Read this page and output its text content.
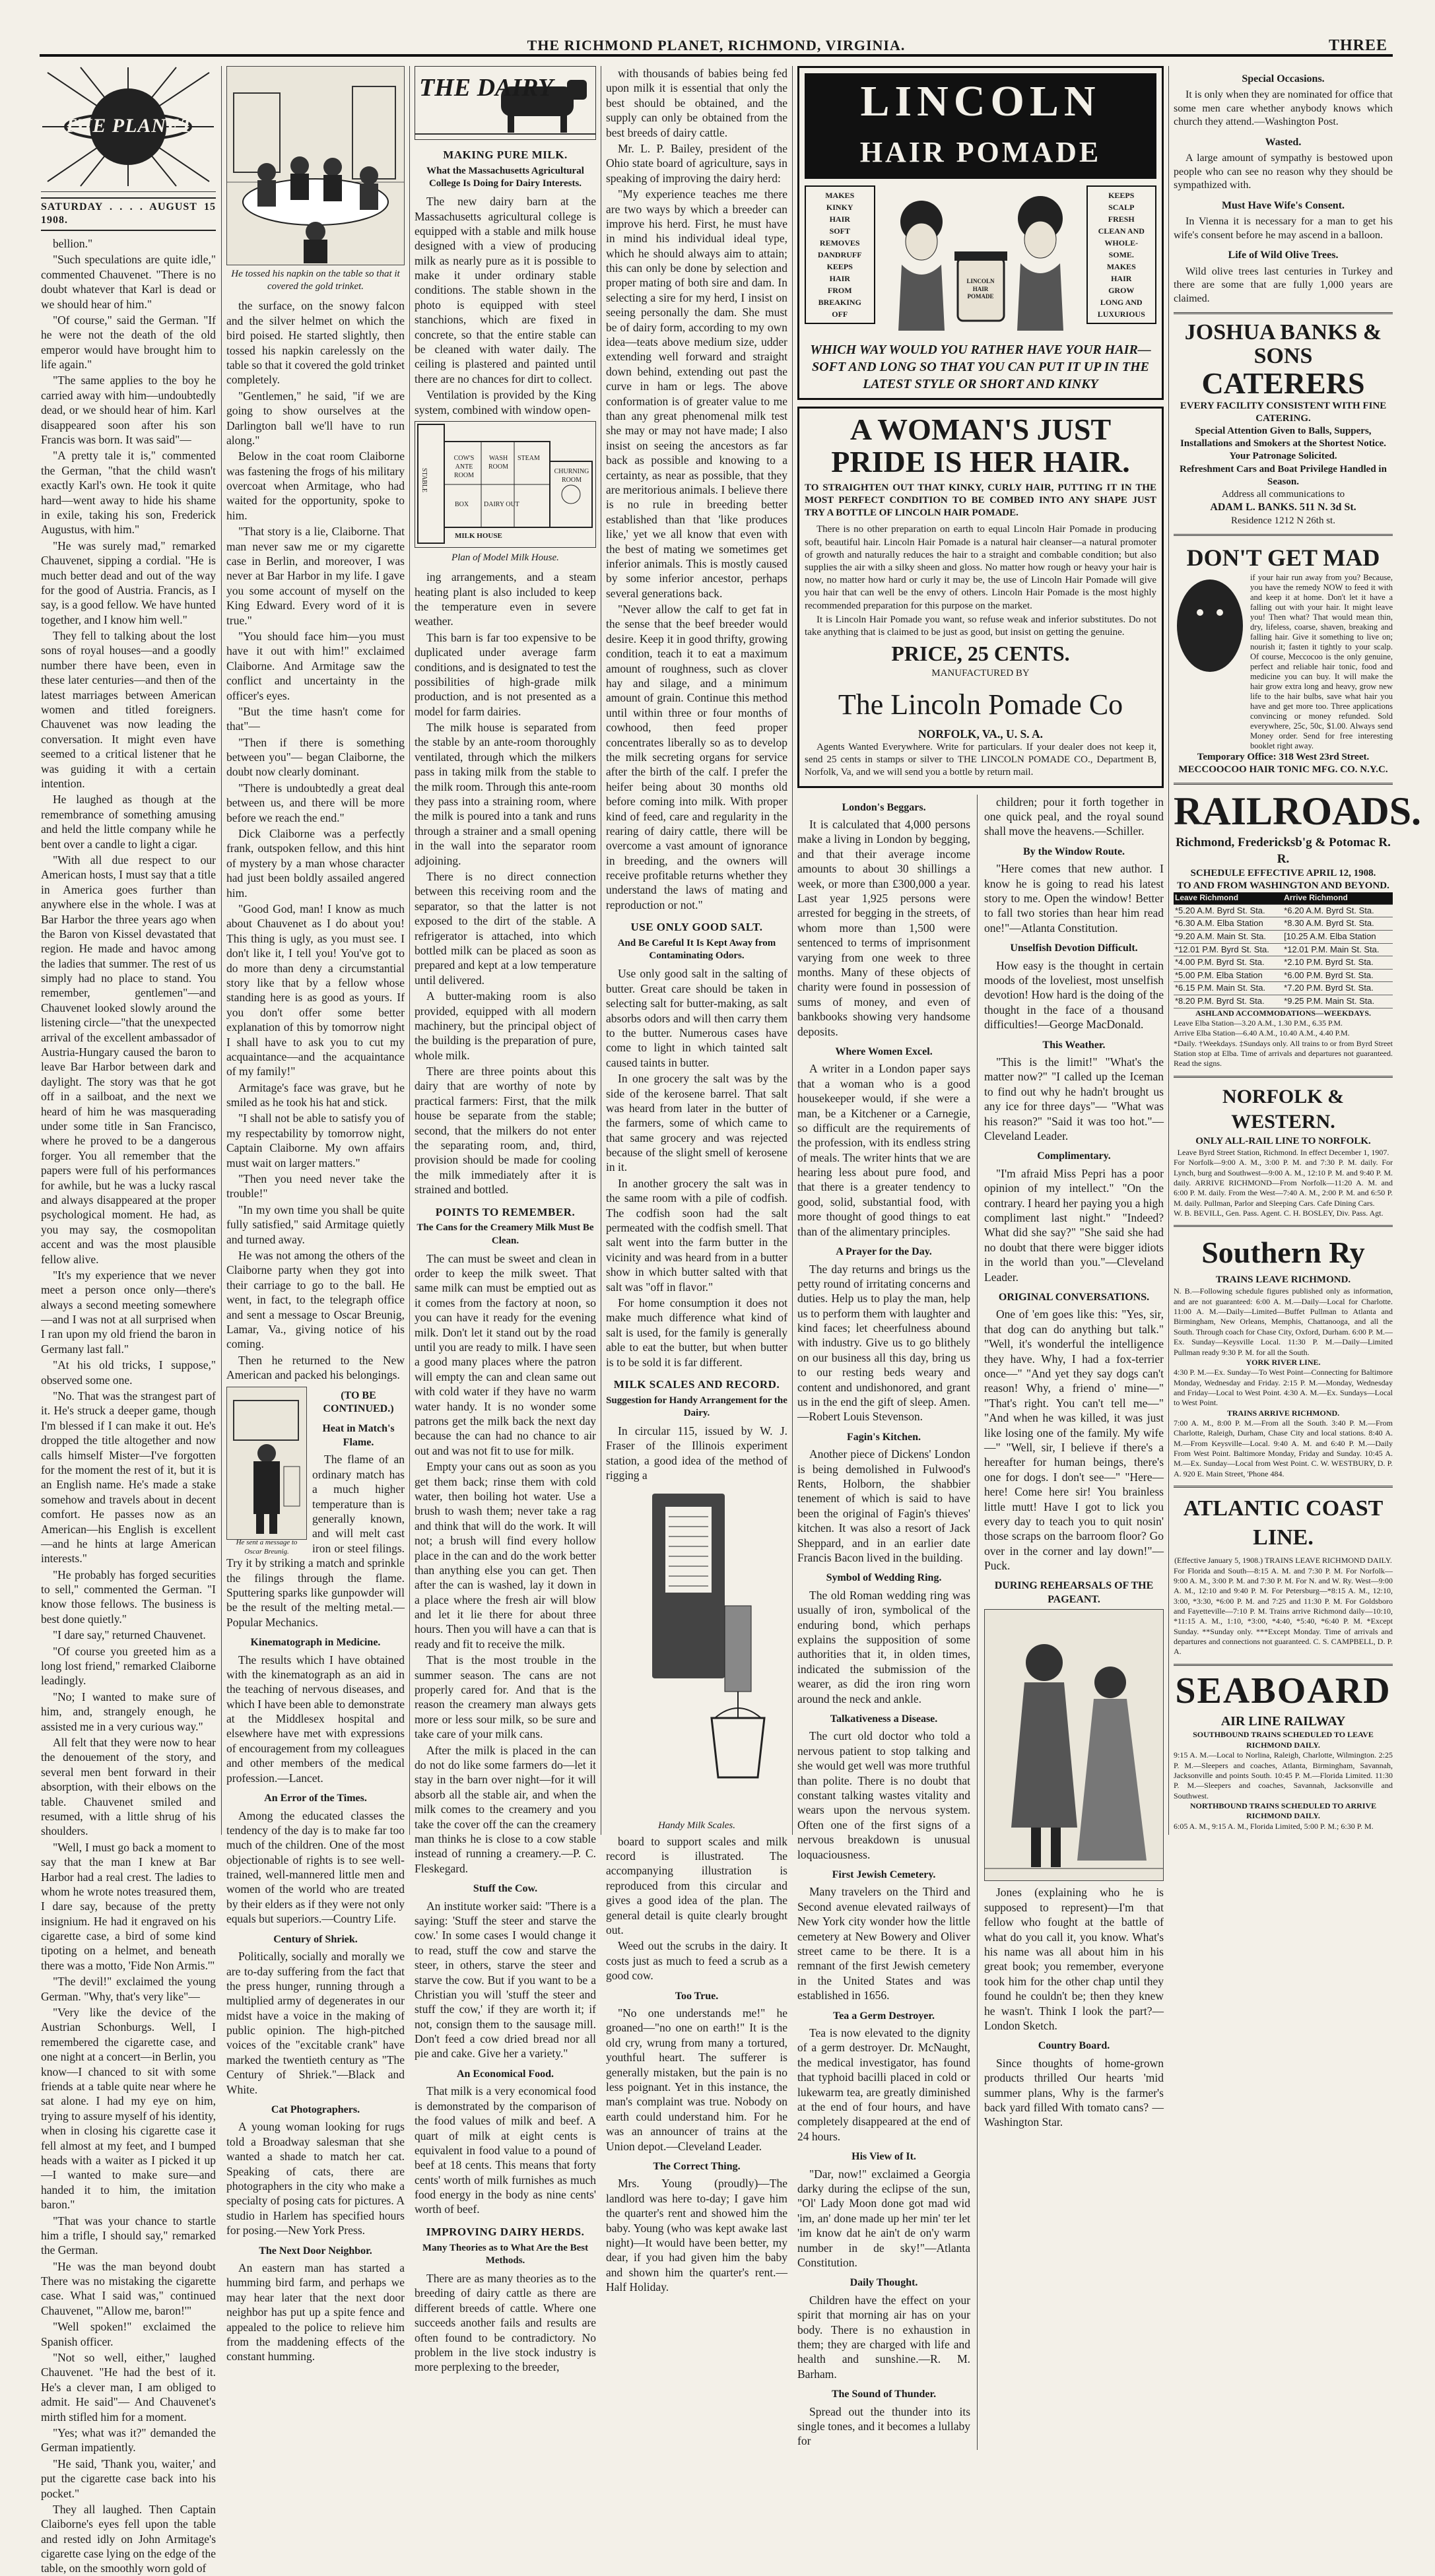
THE RICHMOND PLANET, RICHMOND, VIRGINIA.	THREE
THE PLANET
SATURDAY . . . . AUGUST 15 1908.

bellion."

"Such speculations are quite idle," commented Chauvenet. "There is no doubt whatever that Karl is dead or we should hear of him."

"Of course," said the German. "If he were not the death of the old emperor would have brought him to life again."

"The same applies to the boy he carried away with him—undoubtedly dead, or we should hear of him. Karl disappeared soon after his son Francis was born. It was said"—

"A pretty tale it is," commented the German, "that the child wasn't exactly Karl's own. He took it quite hard—went away to hide his shame in exile, taking his son, Frederick Augustus, with him."

"He was surely mad," remarked Chauvenet, sipping a cordial. "He is much better dead and out of the way for the good of Austria. Francis, as I say, is a good fellow. We have hunted together, and I know him well."

They fell to talking about the lost sons of royal houses—and a goodly number there have been, even in these later centuries—and then of the latest marriages between American women and titled foreigners. Chauvenet was now leading the conversation. It might even have seemed to a critical listener that he was guiding it with a certain intention.

He laughed as though at the remembrance of something amusing and held the little company while he bent over a candle to light a cigar.

"With all due respect to our American hosts, I must say that a title in America goes further than anywhere else in the whole. I was at Bar Harbor the three years ago when the Baron von Kissel devastated that region. He made and havoc among the ladies that summer. The rest of us simply had no place to stand. You remember, gentlemen"—and Chauvenet looked slowly around the listening circle—"that the unexpected arrival of the excellent ambassador of Austria-Hungary caused the baron to leave Bar Harbor between dark and daylight. The story was that he got off in a sailboat, and the next we heard of him he was masquerading under some title in San Francisco, where he proved to be a dangerous forger. You all remember that the papers were full of his performances for awhile, but he was a lucky rascal and always disappeared at the proper psychological moment. He had, as you may say, the cosmopolitan accent and was the most plausible fellow alive.

"It's my experience that we never meet a person once only—there's always a second meeting somewhere—and I was not at all surprised when I ran upon my old friend the baron in Germany last fall."

"At his old tricks, I suppose," observed some one.

"No. That was the strangest part of it. He's struck a deeper game, though I'm blessed if I can make it out. He's dropped the title altogether and now calls himself Mister—I've forgotten for the moment the rest of it, but it is an English name. He's made a stake somehow and travels about in decent comfort. He passes now as an American—his English is excellent—and he hints at large American interests."

"He probably has forged securities to sell," commented the German. "I know those fellows. The business is best done quietly."

"I dare say," returned Chauvenet.

"Of course you greeted him as a long lost friend," remarked Claiborne leadingly.

"No; I wanted to make sure of him, and, strangely enough, he assisted me in a very curious way."

All felt that they were now to hear the denouement of the story, and several men bent forward in their absorption, with their elbows on the table. Chauvenet smiled and resumed, with a little shrug of his shoulders.

"Well, I must go back a moment to say that the man I knew at Bar Harbor had a real crest. The ladies to whom he wrote notes treasured them, I dare say, because of the pretty insignium. He had it engraved on his cigarette case, a bird of some kind tipoting on a helmet, and beneath there was a motto, 'Fide Non Armis.'"

"The devil!" exclaimed the young German. "Why, that's very like"—

"Very like the device of the Austrian Schonburgs. Well, I remembered the cigarette case, and one night at a concert—in Berlin, you know—I chanced to sit with some friends at a table quite near where he sat alone. I had my eye on him, trying to assure myself of his identity, when in closing his cigarette case it fell almost at my feet, and I bumped heads with a waiter as I picked it up—I wanted to make sure—and handed it to him, the imitation baron."

"That was your chance to startle him a trifle, I should say," remarked the German.

"He was the man beyond doubt There was no mistaking the cigarette case. What I said was," continued Chauvenet, "'Allow me, baron!'"

"Well spoken!" exclaimed the Spanish officer.

"Not so well, either," laughed Chauvenet. "He had the best of it. He's a clever man, I am obliged to admit. He said"— And Chauvenet's mirth stifled him for a moment.

"Yes; what was it?" demanded the German impatiently.

"He said, 'Thank you, waiter,' and put the cigarette case back into his pocket."

They all laughed. Then Captain Claiborne's eyes fell upon the table and rested idly on John Armitage's cigarette case lying on the edge of the table, on the smoothly worn gold of

He tossed his napkin on the table so that it covered the gold trinket.

the surface, on the snowy falcon and the silver helmet on which the bird poised. He started slightly, then tossed his napkin carelessly on the table so that it covered the gold trinket completely.

"Gentlemen," he said, "if we are going to show ourselves at the Darlington ball we'll have to run along."

Below in the coat room Claiborne was fastening the frogs of his military overcoat when Armitage, who had waited for the opportunity, spoke to him.

"That story is a lie, Claiborne. That man never saw me or my cigarette case in Berlin, and moreover, I was never at Bar Harbor in my life. I gave you some account of myself on the King Edward. Every word of it is true."

"You should face him—you must have it out with him!" exclaimed Claiborne. And Armitage saw the conflict and uncertainty in the officer's eyes.

"But the time hasn't come for that"—

"Then if there is something between you"— began Claiborne, the doubt now clearly dominant.

"There is undoubtedly a great deal between us, and there will be more before we reach the end."

Dick Claiborne was a perfectly frank, outspoken fellow, and this hint of mystery by a man whose character had just been boldly assailed angered him.

"Good God, man! I know as much about Chauvenet as I do about you! This thing is ugly, as you must see. I don't like it, I tell you! You've got to do more than deny a circumstantial story like that by a fellow whose standing here is as good as yours. If you don't offer some better explanation of this by tomorrow night I shall have to ask you to cut my acquaintance—and the acquaintance of my family!"

Armitage's face was grave, but he smiled as he took his hat and stick.

"I shall not be able to satisfy you of my respectability by tomorrow night, Captain Claiborne. My own affairs must wait on larger matters."

"Then you need never take the trouble!"

"In my own time you shall be quite fully satisfied," said Armitage quietly and turned away.

He was not among the others of the Claiborne party when they got into their carriage to go to the ball. He went, in fact, to the telegraph office and sent a message to Oscar Breunig, Lamar, Va., giving notice of his coming.

Then he returned to the New American and packed his belongings.

He sent a message to Oscar Breunig.
(TO BE CONTINUED.)
Heat in Match's Flame.

The flame of an ordinary match has a much higher temperature than is generally known, and will melt cast iron or steel filings. Try it by striking a match and sprinkle the filings through the flame. Sputtering sparks like gunpowder will be the result of the melting metal.—Popular Mechanics.

Kinematograph in Medicine.

The results which I have obtained with the kinematograph as an aid in the teaching of nervous diseases, and which I have been able to demonstrate at the Middlesex hospital and elsewhere have met with expressions of encouragement from my colleagues and other members of the medical profession.—Lancet.

An Error of the Times.

Among the educated classes the tendency of the day is to make far too much of the children. One of the most objectionable of rights is to see well-trained, well-mannered little men and women of the world who are treated by their elders as if they were not only equals but superiors.—Country Life.

Century of Shriek.

Politically, socially and morally we are to-day suffering from the fact that the press hunger, running through a multiplied army of degenerates in our midst have a voice in the making of public opinion. The high-pitched voices of the "excitable crank" have marked the twentieth century as "The Century of Shriek."—Black and White.

Cat Photographers.

A young woman looking for rugs told a Broadway salesman that she wanted a shade to match her cat. Speaking of cats, there are photographers in the city who make a specialty of posing cats for pictures. A studio in Harlem has specified hours for posing.—New York Press.

The Next Door Neighbor.

An eastern man has started a humming bird farm, and perhaps we may hear later that the next door neighbor has put up a spite fence and appealed to the police to relieve him from the maddening effects of the constant humming.

THE DAIRY
MAKING PURE MILK.
What the Massachusetts Agricultural College Is Doing for Dairy Interests.

The new dairy barn at the Massachusetts agricultural college is equipped with a stable and milk house designed with a view of producing milk as nearly pure as it is possible to make it under ordinary stable conditions. The stable shown in the photo is equipped with steel stanchions, which are fixed in concrete, so that the entire stable can be cleaned with water daily. The ceiling is plastered and painted until there are no chances for dirt to collect.

Ventilation is provided by the King system, combined with window open-

STABLE
COW'S ANTE ROOM
WASH ROOM
CHURNING ROOM
STEAM
DAIRY OUT
BOX
MILK HOUSE
Plan of Model Milk House.

ing arrangements, and a steam heating plant is also included to keep the temperature even in severe weather.

This barn is far too expensive to be duplicated under average farm conditions, and is designated to test the possibilities of high-grade milk production, and is not presented as a model for farm dairies.

The milk house is separated from the stable by an ante-room thoroughly ventilated, through which the milkers pass in taking milk from the stable to the milk room. Through this ante-room they pass into a straining room, where the milk is poured into a tank and runs through a strainer and a small opening in the wall into the separator room adjoining.

There is no direct connection between this receiving room and the separator, so that the latter is not exposed to the dirt of the stable. A refrigerator is attached, into which bottled milk can be placed as soon as prepared and kept at a low temperature until delivered.

A butter-making room is also provided, equipped with all modern machinery, but the principal object of the building is the preparation of pure, whole milk.

There are three points about this dairy that are worthy of note by practical farmers: First, that the milk house be separate from the stable; second, that the milkers do not enter the separating room, and, third, provision should be made for cooling the milk immediately after it is strained and bottled.

POINTS TO REMEMBER.
The Cans for the Creamery Milk Must Be Clean.

The can must be sweet and clean in order to keep the milk sweet. That same milk can must be emptied out as it comes from the factory at noon, so you can have it ready for the evening milk. Don't let it stand out by the road until you are ready to milk. I have seen a good many places where the patron will empty the can and clean same out with cold water if they have no warm water handy. It is no wonder some patrons get the milk back the next day because the can had no chance to air out and was not fit to use for milk.

Empty your cans out as soon as you get them back; rinse them with cold water, then boiling hot water. Use a brush to wash them; never take a rag and think that will do the work. It will not; a brush will find every hollow place in the can and do the work better than anything else you can get. Then after the can is washed, lay it down in a place where the fresh air will blow and let it lie there for about three hours. Then you will have a can that is ready and fit to receive the milk.

That is the most trouble in the summer season. The cans are not properly cared for. And that is the reason the creamery man always gets more or less sour milk, so be sure and take care of your milk cans.

After the milk is placed in the can do not do like some farmers do—let it stay in the barn over night—for it will absorb all the stable air, and when the milk comes to the creamery and you take the cover off the can the creamery man thinks he is close to a cow stable instead of running a creamery.—P. C. Fleskegard.

Stuff the Cow.

An institute worker said: "There is a saying: 'Stuff the steer and starve the cow.' In some cases I would change it to read, stuff the cow and starve the steer, in others, starve the steer and starve the cow. But if you want to be a Christian you will 'stuff the steer and stuff the cow,' if they are worth it; if not, consign them to the sausage mill. Don't feed a cow dried bread nor all pie and cake. Give her a variety."

An Economical Food.

That milk is a very economical food is demonstrated by the comparison of the food values of milk and beef. A quart of milk at eight cents is equivalent in food value to a pound of beef at 18 cents. This means that forty cents' worth of milk furnishes as much food energy in the body as nine cents' worth of beef.

IMPROVING DAIRY HERDS.
Many Theories as to What Are the Best Methods.

There are as many theories as to the breeding of dairy cattle as there are different breeds of cattle. Where one succeeds another fails and results are often found to be contradictory. No problem in the live stock industry is more perplexing to the breeder,

with thousands of babies being fed upon milk it is essential that only the best should be obtained, and the supply can only be obtained from the best breeds of dairy cattle.

Mr. L. P. Bailey, president of the Ohio state board of agriculture, says in speaking of improving the dairy herd:

"My experience teaches me there are two ways by which a breeder can improve his herd. First, he must have in mind his individual ideal type, which he should always aim to attain; this can only be done by selection and proper mating of both sire and dam. In selecting a sire for my herd, I insist on seeing personally the dam. She must be of dairy form, according to my own idea—teats above medium size, udder extending well forward and straight down behind, extending out past the curve in ham or legs. The above conformation is of greater value to me than any great phenomenal milk test she may or may not have made; I also insist on seeing the ancestors as far back as possible and knowing to a certainty, as near as possible, that they are meritorious animals. I believe there is no rule in breeding better established than that 'like produces like,' yet we all know that even with the best of mating we sometimes get inferior animals. This is mostly caused by some inferior ancestor, perhaps several generations back.

"Never allow the calf to get fat in the sense that the beef breeder would desire. Keep it in good thrifty, growing condition, teach it to eat a maximum amount of roughness, such as clover hay and silage, and a minimum amount of grain. Continue this method until within three or four months of cowhood, then feed proper concentrates liberally so as to develop the milk secreting organs for service after the birth of the calf. I prefer the heifer being about 30 months old before coming into milk. With proper kind of feed, care and regularity in the rearing of dairy cattle, there will be overcome a vast amount of ignorance in breeding, and the owners will receive profitable returns whether they understand the laws of mating and reproduction or not."

USE ONLY GOOD SALT.
And Be Careful It Is Kept Away from Contaminating Odors.

Use only good salt in the salting of butter. Great care should be taken in selecting salt for butter-making, as salt absorbs odors and will then carry them to the butter. Numerous cases have come to light in which tainted salt caused taints in butter.

In one grocery the salt was by the side of the kerosene barrel. That salt was heard from later in the butter of the farmers, some of which came to that same grocery and was rejected because of the slight smell of kerosene in it.

In another grocery the salt was in the same room with a pile of codfish. The codfish soon had the salt permeated with the codfish smell. That salt went into the farm butter in the vicinity and was heard from in a butter show in which butter salted with that salt was "off in flavor."

For home consumption it does not make much difference what kind of salt is used, for the family is generally able to eat the butter, but when butter is to be sold it is far different.

MILK SCALES AND RECORD.
Suggestion for Handy Arrangement for the Dairy.

In circular 115, issued by W. J. Fraser of the Illinois experiment station, a good idea of the method of rigging a

Handy Milk Scales.

board to support scales and milk record is illustrated. The accompanying illustration is reproduced from this circular and gives a good idea of the plan. The general detail is quite clearly brought out.

Weed out the scrubs in the dairy. It costs just as much to feed a scrub as a good cow.

Too True.

"No one understands me!" he groaned—"no one on earth!" It is the old cry, wrung from many a tortured, youthful heart. The sufferer is generally mistaken, but the pain is no less poignant. Yet in this instance, the man's complaint was true. Nobody on earth could understand him. For he was an announcer of trains at the Union depot.—Cleveland Leader.

The Correct Thing.

Mrs. Young (proudly)—The landlord was here to-day; I gave him the quarter's rent and showed him the baby. Young (who was kept awake last night)—It would have been better, my dear, if you had given him the baby and shown him the quarter's rent.—Half Holiday.

LINCOLN
HAIR POMADE
MAKES
KINKY
HAIR
SOFT
REMOVES
DANDRUFF
KEEPS
HAIR
FROM
BREAKING
OFF
LINCOLN HAIR POMADE
KEEPS
SCALP
FRESH
CLEAN AND
WHOLE-
SOME.
MAKES
HAIR
GROW
LONG AND
LUXURIOUS
WHICH WAY WOULD YOU RATHER HAVE YOUR HAIR—SOFT AND LONG SO THAT YOU CAN PUT IT UP IN THE LATEST STYLE OR SHORT AND KINKY
A WOMAN'S JUST PRIDE IS HER HAIR.
TO STRAIGHTEN OUT THAT KINKY, CURLY HAIR, PUTTING IT IN THE MOST PERFECT CONDITION TO BE COMBED INTO ANY SHAPE JUST TRY A BOTTLE OF LINCOLN HAIR POMADE.

There is no other preparation on earth to equal Lincoln Hair Pomade in producing soft, beautiful hair. Lincoln Hair Pomade is a natural hair cleanser—a natural promoter of growth and naturally reduces the hair to a straight and combable condition; but also supplies the air with a silky sheen and gloss. No matter how rough or heavy your hair is now, no matter how hard or curly it may be, the use of Lincoln Hair Pomade will give you hair that can well be the envy of others. Lincoln Hair Pomade is the most highly recommended preparation for this purpose on the market.

It is Lincoln Hair Pomade you want, so refuse weak and inferior substitutes. Do not take anything that is claimed to be just as good, but insist on getting the genuine.

PRICE, 25 CENTS.
MANUFACTURED BY
The Lincoln Pomade Co
NORFOLK, VA., U. S. A.

Agents Wanted Everywhere. Write for particulars. If your dealer does not keep it, send 25 cents in stamps or silver to THE LINCOLN POMADE CO., Department B, Norfolk, Va, and we will send you a bottle by return mail.

London's Beggars.

It is calculated that 4,000 persons make a living in London by begging, and that their average income amounts to about 30 shillings a week, or more than £300,000 a year. Last year 1,925 persons were arrested for begging in the streets, of whom more than 1,500 were sentenced to terms of imprisonment varying from one week to three months. Many of these objects of charity were found in possession of sums of money, and even of bankbooks showing very handsome deposits.

Where Women Excel.

A writer in a London paper says that a woman who is a good housekeeper would, if she were a man, be a Kitchener or a Carnegie, so difficult are the requirements of the profession, with its endless string of meals. The writer hints that we are hearing less about pure food, and that there is a greater tendency to good, solid, substantial food, with more thought of good things to eat than of the alimentary principles.

A Prayer for the Day.

The day returns and brings us the petty round of irritating concerns and duties. Help us to play the man, help us to perform them with laughter and kind faces; let cheerfulness abound with industry. Give us to go blithely on our business all this day, bring us to our resting beds weary and content and undishonored, and grant us in the end the gift of sleep. Amen.—Robert Louis Stevenson.

Fagin's Kitchen.

Another piece of Dickens' London is being demolished in Fulwood's Rents, Holborn, the shabbier tenement of which is said to have been the original of Fagin's thieves' kitchen. It was also a resort of Jack Sheppard, and in an earlier date Francis Bacon lived in the building.

Symbol of Wedding Ring.

The old Roman wedding ring was usually of iron, symbolical of the enduring bond, which perhaps explains the supposition of some authorities that it, in olden times, indicated the submission of the wearer, as did the iron ring worn around the neck and ankle.

Talkativeness a Disease.

The curt old doctor who told a nervous patient to stop talking and she would get well was more truthful than polite. There is no doubt that constant talking wastes vitality and wears upon the nervous system. Often one of the first signs of a nervous breakdown is unusual loquaciousness.

First Jewish Cemetery.

Many travelers on the Third and Second avenue elevated railways of New York city wonder how the little cemetery at New Bowery and Oliver street came to be there. It is a remnant of the first Jewish cemetery in the United States and was established in 1656.

Tea a Germ Destroyer.

Tea is now elevated to the dignity of a germ destroyer. Dr. McNaught, the medical investigator, has found that typhoid bacilli placed in cold or lukewarm tea, are greatly diminished at the end of four hours, and have completely disappeared at the end of 24 hours.

His View of It.

"Dar, now!" exclaimed a Georgia darky during the eclipse of the sun, "Ol' Lady Moon done got mad wid 'im, an' done made up her min' ter let 'im know dat he ain't de on'y warm number in de sky!"—Atlanta Constitution.

Daily Thought.

Children have the effect on your spirit that morning air has on your body. There is no exhaustion in them; they are charged with life and health and sunshine.—R. M. Barham.

The Sound of Thunder.

Spread out the thunder into its single tones, and it becomes a lullaby for

children; pour it forth together in one quick peal, and the royal sound shall move the heavens.—Schiller.

By the Window Route.

"Here comes that new author. I know he is going to read his latest story to me. Open the window! Better to fall two stories than hear him read one!"—Atlanta Constitution.

Unselfish Devotion Difficult.

How easy is the thought in certain moods of the loveliest, most unselfish devotion! How hard is the doing of the thought in the face of a thousand difficulties!—George MacDonald.

This Weather.

"This is the limit!" "What's the matter now?" "I called up the Iceman to find out why he hadn't brought us any ice for three days"— "What was his reason?" "Said it was too hot."—Cleveland Leader.

Complimentary.

"I'm afraid Miss Pepri has a poor opinion of my intellect." "On the contrary. I heard her paying you a high compliment last night." "Indeed? What did she say?" "She said she had no doubt that there were bigger idiots in the world than you."—Cleveland Leader.

ORIGINAL CONVERSATIONS.

One of 'em goes like this: "Yes, sir, that dog can do anything but talk." "Well, it's wonderful the intelligence they have. Why, I had a fox-terrier once—" "And yet they say dogs can't reason! Why, a friend o' mine—" "That's right. You can't tell me—" "And when he was killed, it was just like losing one of the family. My wife—" "Well, sir, I believe if there's a hereafter for human beings, there's one for dogs. I don't see—" "Here—here! Come here sir! You brainless little mutt! Have I got to lick you every day to teach you to quit nosin' those scraps on the barroom floor? Go over in the corner and lay down!"—Puck.

DURING REHEARSALS OF THE PAGEANT.

Jones (explaining who he is supposed to represent)—I'm that fellow who fought at the battle of what do you call it, you know. What's his name was all about him in his great book; you remember, everyone took him for the other chap until they found he couldn't be; then they knew he wasn't. Think I look the part?—London Sketch.

Country Board.

Since thoughts of home-grown products thrilled Our hearts 'mid summer plans, Why is the farmer's back yard filled With tomato cans? —Washington Star.

Special Occasions.

It is only when they are nominated for office that some men care whether anybody knows which church they attend.—Washington Post.

Wasted.

A large amount of sympathy is bestowed upon people who can see no reason why they should be sympathized with.

Must Have Wife's Consent.

In Vienna it is necessary for a man to get his wife's consent before he may ascend in a balloon.

Life of Wild Olive Trees.

Wild olive trees last centuries in Turkey and there are some that are fully 1,000 years are claimed.

JOSHUA BANKS & SONS
CATERERS
EVERY FACILITY CONSISTENT WITH FINE CATERING.
Special Attention Given to Balls, Suppers, Installations and Smokers at the Shortest Notice.
Your Patronage Solicited.
Refreshment Cars and Boat Privilege Handled in Season.
Address all communications to
ADAM L. BANKS. 511 N. 3d St.
Residence 1212 N 26th st.
DON'T GET MAD
if your hair run away from you? Because, you have the remedy NOW to feed it with and keep it at home. Don't let it have a falling out with your hair. It might leave you! Then what? That would mean thin, dry, lifeless, coarse, shaven, breaking and falling hair. Give it something to live on; nourish it; fasten it tightly to your scalp. Of course, Meccocoo is the only genuine, perfect and reliable hair tonic, food and medicine you can buy. It will make the hair grow extra long and heavy, grow new life to the hair bulbs, save what hair you have and get more too. Three applications convincing or money refunded. Sold everywhere, 25c, 50c, $1.00. Always send Money order. Send for free interesting booklet right away.
Temporary Office: 318 West 23rd Street.
MECCOOCOO HAIR TONIC MFG. CO. N.Y.C.
RAILROADS.
Richmond, Fredericksb'g & Potomac R. R.
SCHEDULE EFFECTIVE APRIL 12, 1908.
TO AND FROM WASHINGTON AND BEYOND.
Leave Richmond	Arrive Richmond
*5.20 A.M. Byrd St. Sta.	*6.20 A.M. Byrd St. Sta.
*6.30 A.M. Elba Station	*8.30 A.M. Byrd St. Sta.
*9.20 A.M. Main St. Sta.	[10.25 A.M. Elba Station
*12.01 P.M. Byrd St. Sta.	*12.01 P.M. Main St. Sta.
*4.00 P.M. Byrd St. Sta.	*2.10 P.M. Byrd St. Sta.
*5.00 P.M. Elba Station	*6.00 P.M. Byrd St. Sta.
*6.15 P.M. Main St. Sta.	*7.20 P.M. Byrd St. Sta.
*8.20 P.M. Byrd St. Sta.	*9.25 P.M. Main St. Sta.
ASHLAND ACCOMMODATIONS—WEEKDAYS.
Leave Elba Station—3.20 A.M., 1.30 P.M., 6.35 P.M.
Arrive Elba Station—6.40 A.M., 10.40 A.M., 4.40 P.M.
*Daily. †Weekdays. ‡Sundays only. All trains to or from Byrd Street Station stop at Elba. Time of arrivals and departures not guaranteed. Read the signs.
NORFOLK & WESTERN.
ONLY ALL-RAIL LINE TO NORFOLK.
Leave Byrd Street Station, Richmond. In effect December 1, 1907.
For Norfolk—9:00 A. M., 3:00 P. M. and 7:30 P. M. daily. For Lynch, burg and Southwest—9:00 A. M., 12:10 P. M. and 9:40 P. M. daily. ARRIVE RICHMOND—From Norfolk—11:20 A. M. and 6:00 P. M. daily. From the West—7:40 A. M., 2:00 P. M. and 6:50 P. M. daily. Pullman, Parlor and Sleeping Cars. Cafe Dining Cars.
W. B. BEVILL, Gen. Pass. Agent. C. H. BOSLEY, Div. Pass. Agt.
Southern Ry
TRAINS LEAVE RICHMOND.
N. B.—Following schedule figures published only as information, and are not guaranteed: 6:00 A. M.—Daily—Local for Charlotte. 11:00 A. M.—Daily—Limited—Buffet Pullman to Atlanta and Birmingham, New Orleans, Memphis, Chattanooga, and all the South. Through coach for Chase City, Oxford, Durham. 6:00 P. M.—Ex. Sunday—Keysville Local. 11:30 P. M.—Daily—Limited Pullman ready 9:30 P. M. for all the South.
YORK RIVER LINE.
4:30 P. M.—Ex. Sunday—To West Point—Connecting for Baltimore Monday, Wednesday and Friday. 2:15 P. M.—Monday, Wednesday and Friday—Local to West Point. 4:30 A. M.—Ex. Sundays—Local to West Point.
TRAINS ARRIVE RICHMOND.
7:00 A. M., 8:00 P. M.—From all the South. 3:40 P. M.—From Charlotte, Raleigh, Durham, Chase City and local stations. 8:40 A. M.—From Keysville—Local. 9:40 A. M. and 6:40 P. M.—Daily From West Point. Baltimore Monday, Friday and Sunday. 10:45 A. M.—Ex. Sunday—Local from West Point. C. W. WESTBURY, D. P. A. 920 E. Main Street, 'Phone 484.
ATLANTIC COAST LINE.
(Effective January 5, 1908.) TRAINS LEAVE RICHMOND DAILY.
For Florida and South—8:15 A. M. and 7:30 P. M. For Norfolk—9:00 A. M., 3:00 P. M. and 7:30 P. M. For N. and W. Ry. West—9:00 A. M., 12:10 and 9:40 P. M. For Petersburg—*8:15 A. M., 12:10, 3:00, *3:30, *6:00 P. M. and 7:25 and 11:30 P. M. For Goldsboro and Fayetteville—7:10 P. M. Trains arrive Richmond daily—10:10, *11:15 A. M., 1:10, *3:00, *4:40, *5:40, *6:40 P. M. *Except Sunday. **Sunday only. ***Except Monday. Time of arrivals and departures and connections not guaranteed. C. S. CAMPBELL, D. P. A.
SEABOARD
AIR LINE RAILWAY
SOUTHBOUND TRAINS SCHEDULED TO LEAVE RICHMOND DAILY.
9:15 A. M.—Local to Norlina, Raleigh, Charlotte, Wilmington. 2:25 P. M.—Sleepers and coaches, Atlanta, Birmingham, Savannah, Jacksonville and points South. 10:45 P. M.—Florida Limited. 11:30 P. M.—Sleepers and coaches, Savannah, Jacksonville and Southwest.
NORTHBOUND TRAINS SCHEDULED TO ARRIVE RICHMOND DAILY.
6:05 A. M., 9:15 A. M., Florida Limited, 5:00 P. M.; 6:30 P. M.
